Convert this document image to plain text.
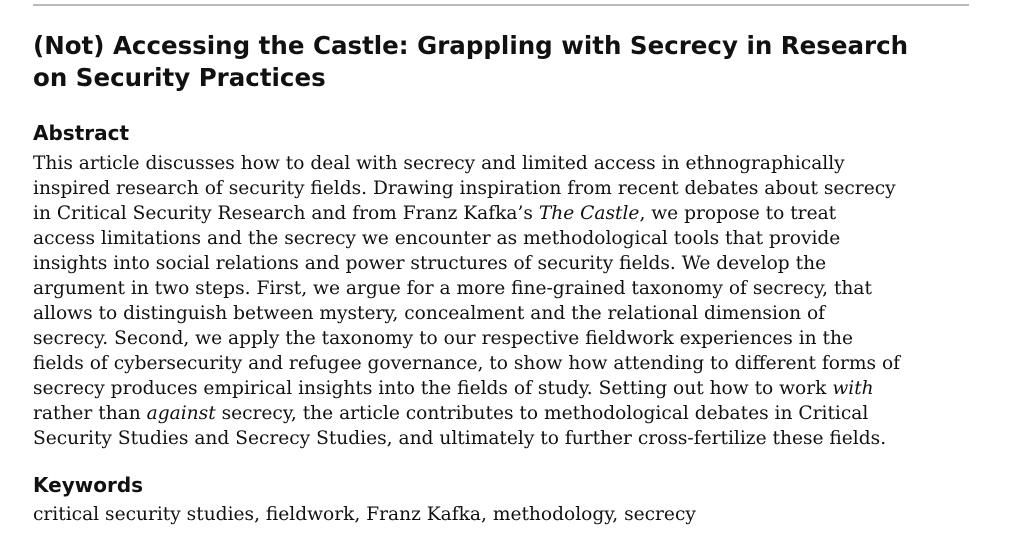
(Not) Accessing the Castle: Grappling with Secrecy in Research
on Security Practices
Abstract
This article discusses how to deal with secrecy and limited access in ethnographically
inspired research of security fields. Drawing inspiration from recent debates about secrecy
in Critical Security Research and from Franz Kafka’s The Castle, we propose to treat
access limitations and the secrecy we encounter as methodological tools that provide
insights into social relations and power structures of security fields. We develop the
argument in two steps. First, we argue for a more fine-grained taxonomy of secrecy, that
allows to distinguish between mystery, concealment and the relational dimension of
secrecy. Second, we apply the taxonomy to our respective fieldwork experiences in the
fields of cybersecurity and refugee governance, to show how attending to different forms of
secrecy produces empirical insights into the fields of study. Setting out how to work with
rather than against secrecy, the article contributes to methodological debates in Critical
Security Studies and Secrecy Studies, and ultimately to further cross-fertilize these fields.
Keywords
critical security studies, fieldwork, Franz Kafka, methodology, secrecy
